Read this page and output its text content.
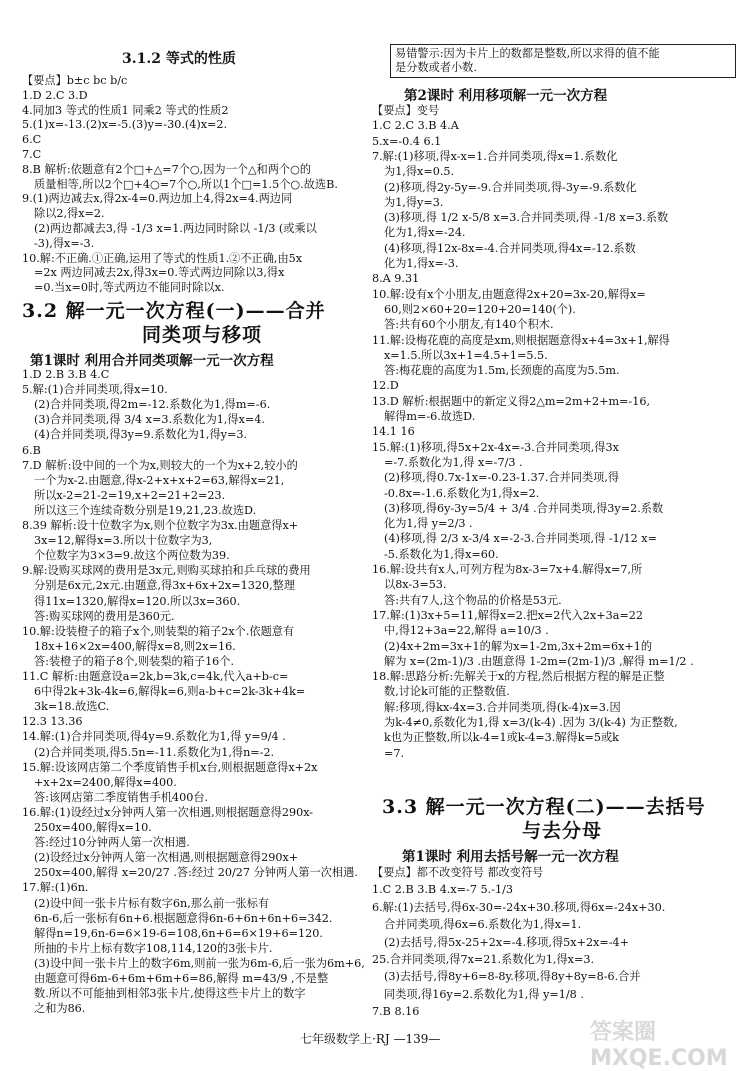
3.1.2 等式的性质
【要点】b±c bc b/c
1.D 2.C 3.D
4.同加3 等式的性质1 同乘2 等式的性质2
5.(1)x=-13.(2)x=-5.(3)y=-30.(4)x=2.
6.C
7.C
8.B 解析:依题意有2个□+△=7个○,因为一个△和两个○的
质量相等,所以2个□+4○=7个○,所以1个□=1.5个○.故选B.
9.(1)两边减去x,得2x-4=0.两边加上4,得2x=4.两边同
除以2,得x=2.
(2)两边都减去3,得 -1/3 x=1.两边同时除以 -1/3 (或乘以
-3),得x=-3.
10.解:不正确.①正确,运用了等式的性质1.②不正确,由5x
=2x 两边同减去2x,得3x=0.等式两边同除以3,得x
=0.当x=0时,等式两边不能同时除以x.
3.2 解一元一次方程(一)——合并
同类项与移项
第1课时 利用合并同类项解一元一次方程
1.D 2.B 3.B 4.C
5.解:(1)合并同类项,得x=10.
(2)合并同类项,得2m=-12.系数化为1,得m=-6.
(3)合并同类项,得 3/4 x=3.系数化为1,得x=4.
(4)合并同类项,得3y=9.系数化为1,得y=3.
6.B
7.D 解析:设中间的一个为x,则较大的一个为x+2,较小的
一个为x-2.由题意,得x-2+x+x+2=63,解得x=21,
所以x-2=21-2=19,x+2=21+2=23.
所以这三个连续奇数分别是19,21,23.故选D.
8.39 解析:设十位数字为x,则个位数字为3x.由题意得x+
3x=12,解得x=3.所以十位数字为3,
个位数字为3×3=9.故这个两位数为39.
9.解:设购买球网的费用是3x元,则购买球拍和乒乓球的费用
分别是6x元,2x元.由题意,得3x+6x+2x=1320,整理
得11x=1320,解得x=120.所以3x=360.
答:购买球网的费用是360元.
10.解:设装橙子的箱子x个,则装梨的箱子2x个.依题意有
18x+16×2x=400,解得x=8,则2x=16.
答:装橙子的箱子8个,则装梨的箱子16个.
11.C 解析:由题意设a=2k,b=3k,c=4k,代入a+b-c=
6中得2k+3k-4k=6,解得k=6,则a-b+c=2k-3k+4k=
3k=18.故选C.
12.3 13.36
14.解:(1)合并同类项,得4y=9.系数化为1,得 y=9/4 .
(2)合并同类项,得5.5n=-11.系数化为1,得n=-2.
15.解:设该网店第二个季度销售手机x台,则根据题意得x+2x
+x+2x=2400,解得x=400.
答:该网店第二季度销售手机400台.
16.解:(1)设经过x分钟两人第一次相遇,则根据题意得290x-
250x=400,解得x=10.
答:经过10分钟两人第一次相遇.
(2)设经过x分钟两人第一次相遇,则根据题意得290x+
250x=400,解得 x=20/27 .答:经过 20/27 分钟两人第一次相遇.
17.解:(1)6n.
(2)设中间一张卡片标有数字6n,那么前一张标有
6n-6,后一张标有6n+6.根据题意得6n-6+6n+6n+6=342.
解得n=19,6n-6=6×19-6=108,6n+6=6×19+6=120.
所抽的卡片上标有数字108,114,120的3张卡片.
(3)设中间一张卡片上的数字6m,则前一张为6m-6,后一张为6m+6,
由题意可得6m-6+6m+6m+6=86,解得 m=43/9 ,不是整
数.所以不可能抽到相邻3张卡片,使得这些卡片上的数字
之和为86.
易错警示:因为卡片上的数都是整数,所以求得的值不能
是分数或者小数.
第2课时 利用移项解一元一次方程
【要点】变号
1.C 2.C 3.B 4.A
5.x=-0.4 6.1
7.解:(1)移项,得x-x=1.合并同类项,得x=1.系数化
为1,得x=0.5.
(2)移项,得2y-5y=-9.合并同类项,得-3y=-9.系数化
为1,得y=3.
(3)移项,得 1/2 x-5/8 x=3.合并同类项,得 -1/8 x=3.系数
化为1,得x=-24.
(4)移项,得12x-8x=-4.合并同类项,得4x=-12.系数
化为1,得x=-3.
8.A 9.31
10.解:设有x个小朋友,由题意得2x+20=3x-20,解得x=
60,则2×60+20=120+20=140(个).
答:共有60个小朋友,有140个积木.
11.解:设梅花鹿的高度是xm,则根据题意得x+4=3x+1,解得
x=1.5.所以3x+1=4.5+1=5.5.
答:梅花鹿的高度为1.5m,长颈鹿的高度为5.5m.
12.D
13.D 解析:根据题中的新定义得2△m=2m+2+m=-16,
解得m=-6.故选D.
14.1 16
15.解:(1)移项,得5x+2x-4x=-3.合并同类项,得3x
=-7.系数化为1,得 x=-7/3 .
(2)移项,得0.7x-1x=-0.23-1.37.合并同类项,得
-0.8x=-1.6.系数化为1,得x=2.
(3)移项,得6y-3y=5/4 + 3/4 .合并同类项,得3y=2.系数
化为1,得 y=2/3 .
(4)移项,得 2/3 x-3/4 x=-2-3.合并同类项,得 -1/12 x=
-5.系数化为1,得x=60.
16.解:设共有x人,可列方程为8x-3=7x+4.解得x=7,所
以8x-3=53.
答:共有7人,这个物品的价格是53元.
17.解:(1)3x+5=11,解得x=2.把x=2代入2x+3a=22
中,得12+3a=22,解得 a=10/3 .
(2)4x+2m=3x+1的解为x=1-2m,3x+2m=6x+1的
解为 x=(2m-1)/3 .由题意得 1-2m=(2m-1)/3 ,解得 m=1/2 .
18.解:思路分析:先解关于x的方程,然后根据方程的解是正整
数,讨论k可能的正整数值.
解:移项,得kx-4x=3.合并同类项,得(k-4)x=3.因
为k-4≠0,系数化为1,得 x=3/(k-4) .因为 3/(k-4) 为正整数,
k也为正整数,所以k-4=1或k-4=3.解得k=5或k
=7.
3.3 解一元一次方程(二)——去括号
与去分母
第1课时 利用去括号解一元一次方程
【要点】都不改变符号 都改变符号
1.C 2.B 3.B 4.x=-7 5.-1/3
6.解:(1)去括号,得6x-30=-24x+30.移项,得6x=-24x+30.
合并同类项,得6x=6.系数化为1,得x=1.
(2)去括号,得5x-25+2x=-4.移项,得5x+2x=-4+
25.合并同类项,得7x=21.系数化为1,得x=3.
(3)去括号,得8y+6=8-8y.移项,得8y+8y=8-6.合并
同类项,得16y=2.系数化为1,得 y=1/8 .
7.B 8.16
七年级数学上·RJ —139—	答案圈 MXQE.COM
